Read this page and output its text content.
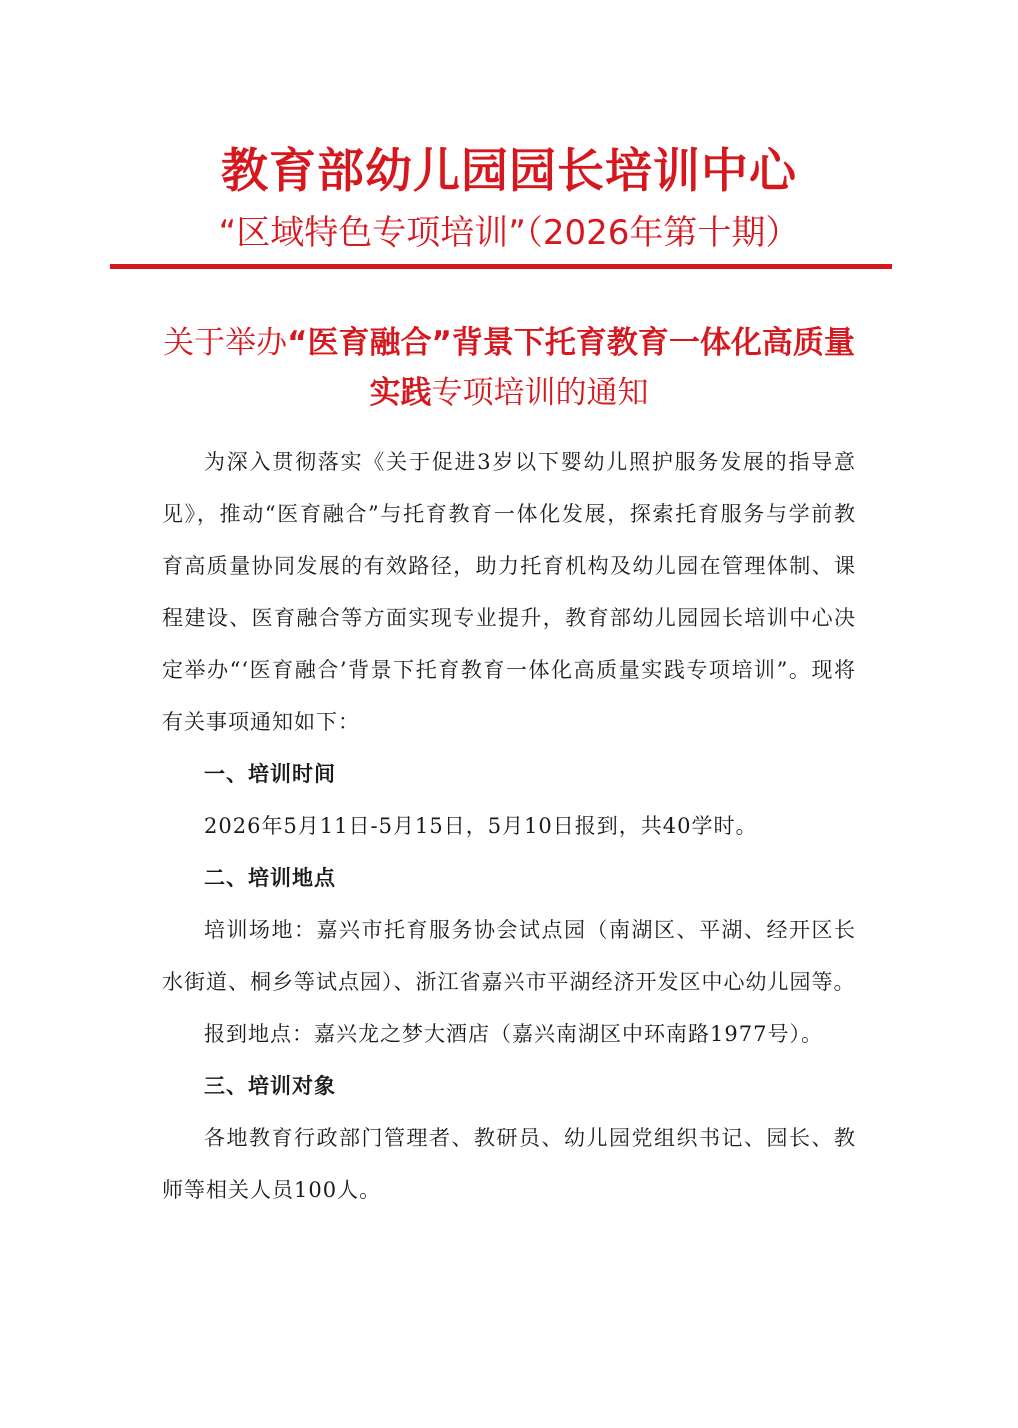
教育部幼儿园园长培训中心
“区域特色专项培训”（2026年第十期）
关于举办“医育融合”背景下托育教育一体化高质量
实践专项培训的通知

为深入贯彻落实《关于促进3岁以下婴幼儿照护服务发展的指导意见》，推动“医育融合”与托育教育一体化发展，探索托育服务与学前教育高质量协同发展的有效路径，助力托育机构及幼儿园在管理体制、课程建设、医育融合等方面实现专业提升，教育部幼儿园园长培训中心决定举办“‘医育融合’背景下托育教育一体化高质量实践专项培训”。现将有关事项通知如下：

一、培训时间

2026年5月11日-5月15日，5月10日报到，共40学时。

二、培训地点

培训场地：嘉兴市托育服务协会试点园（南湖区、平湖、经开区长水街道、桐乡等试点园）、浙江省嘉兴市平湖经济开发区中心幼儿园等。

报到地点：嘉兴龙之梦大酒店（嘉兴南湖区中环南路1977号）。

三、培训对象

各地教育行政部门管理者、教研员、幼儿园党组织书记、园长、教师等相关人员100人。
